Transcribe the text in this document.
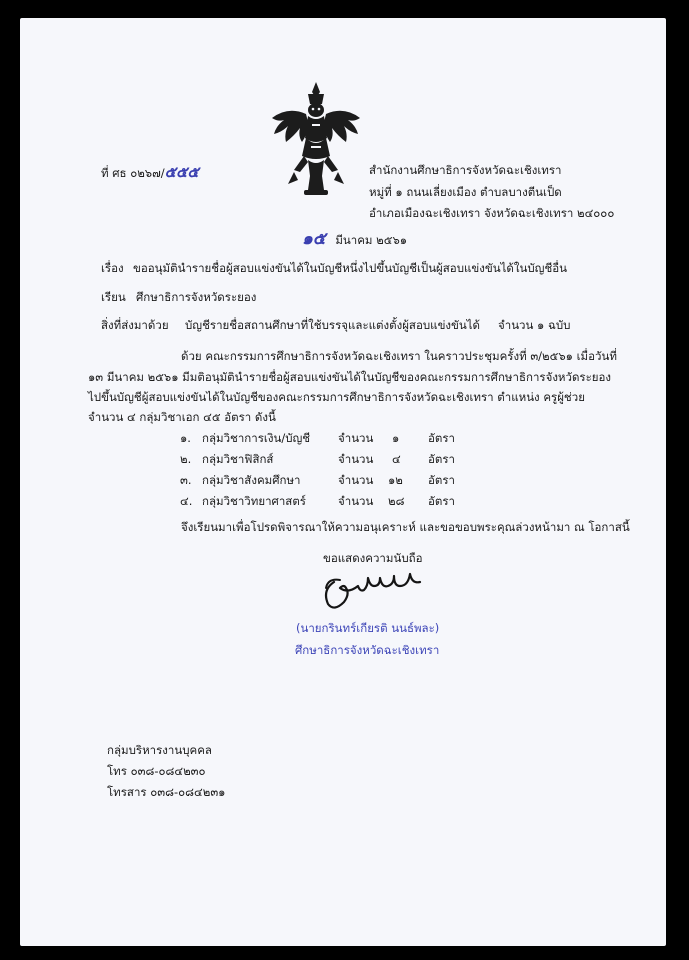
ที่ ศธ ๐๒๖๗/๕๕๕	สำนักงานศึกษาธิการจังหวัดฉะเชิงเทรา
หมู่ที่ ๑ ถนนเลี่ยงเมือง ตำบลบางตีนเป็ด
อำเภอเมืองฉะเชิงเทรา จังหวัดฉะเชิงเทรา ๒๔๐๐๐
๑๕ มีนาคม ๒๕๖๑
เรื่อง ขออนุมัตินำรายชื่อผู้สอบแข่งขันได้ในบัญชีหนึ่งไปขึ้นบัญชีเป็นผู้สอบแข่งขันได้ในบัญชีอื่น
เรียน ศึกษาธิการจังหวัดระยอง
สิ่งที่ส่งมาด้วย บัญชีรายชื่อสถานศึกษาที่ใช้บรรจุและแต่งตั้งผู้สอบแข่งขันได้ จำนวน ๑ ฉบับ
ด้วย คณะกรรมการศึกษาธิการจังหวัดฉะเชิงเทรา ในคราวประชุมครั้งที่ ๓/๒๕๖๑ เมื่อวันที่
๑๓ มีนาคม ๒๕๖๑ มีมติอนุมัตินำรายชื่อผู้สอบแข่งขันได้ในบัญชีของคณะกรรมการศึกษาธิการจังหวัดระยอง
ไปขึ้นบัญชีผู้สอบแข่งขันได้ในบัญชีของคณะกรรมการศึกษาธิการจังหวัดฉะเชิงเทรา ตำแหน่ง ครูผู้ช่วย
จำนวน ๔ กลุ่มวิชาเอก ๔๕ อัตรา ดังนี้
๑. กลุ่มวิชาการเงิน/บัญชี จำนวน ๑ อัตรา
๒. กลุ่มวิชาฟิสิกส์	จำนวน ๔ อัตรา
๓. กลุ่มวิชาสังคมศึกษา	จำนวน ๑๒ อัตรา
๔. กลุ่มวิชาวิทยาศาสตร์	จำนวน ๒๘ อัตรา
จึงเรียนมาเพื่อโปรดพิจารณาให้ความอนุเคราะห์ และขอขอบพระคุณล่วงหน้ามา ณ โอกาสนี้
ขอแสดงความนับถือ
(นายกรินทร์เกียรติ นนธ์พละ)
ศึกษาธิการจังหวัดฉะเชิงเทรา
กลุ่มบริหารงานบุคคล
โทร ๐๓๘-๐๘๔๒๓๐
โทรสาร ๐๓๘-๐๘๔๒๓๑
